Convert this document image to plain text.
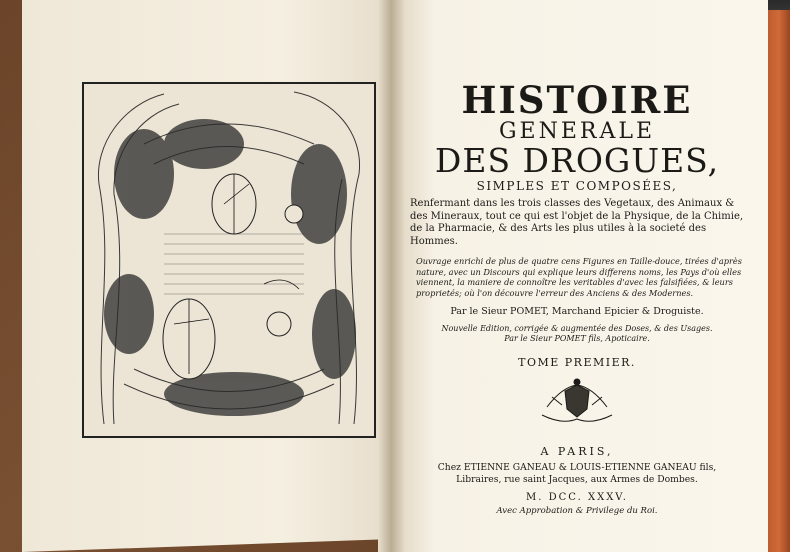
HISTOIRE
GENERALE
DES DROGUES,
SIMPLES ET COMPOSÉES,
Renfermant dans les trois classes des Vegetaux, des Animaux & des Mineraux, tout ce qui est l'objet de la Physique, de la Chimie, de la Pharmacie, & des Arts les plus utiles à la societé des Hommes.
Ouvrage enrichi de plus de quatre cens Figures en Taille-douce, tirées d'après nature, avec un Discours qui explique leurs differens noms, les Pays d'où elles viennent, la maniere de connoître les veritables d'avec les falsifiées, & leurs proprietés; où l'on découvre l'erreur des Anciens & des Modernes.
Par le Sieur POMET, Marchand Epicier & Droguiste.
Nouvelle Edition, corrigée & augmentée des Doses, & des Usages.
Par le Sieur POMET fils, Apoticaire.
TOME PREMIER.
A PARIS,
Chez ETIENNE GANEAU & LOUIS-ETIENNE GANEAU fils,
Libraires, rue saint Jacques, aux Armes de Dombes.
M. DCC. XXXV.
Avec Approbation & Privilege du Roi.
